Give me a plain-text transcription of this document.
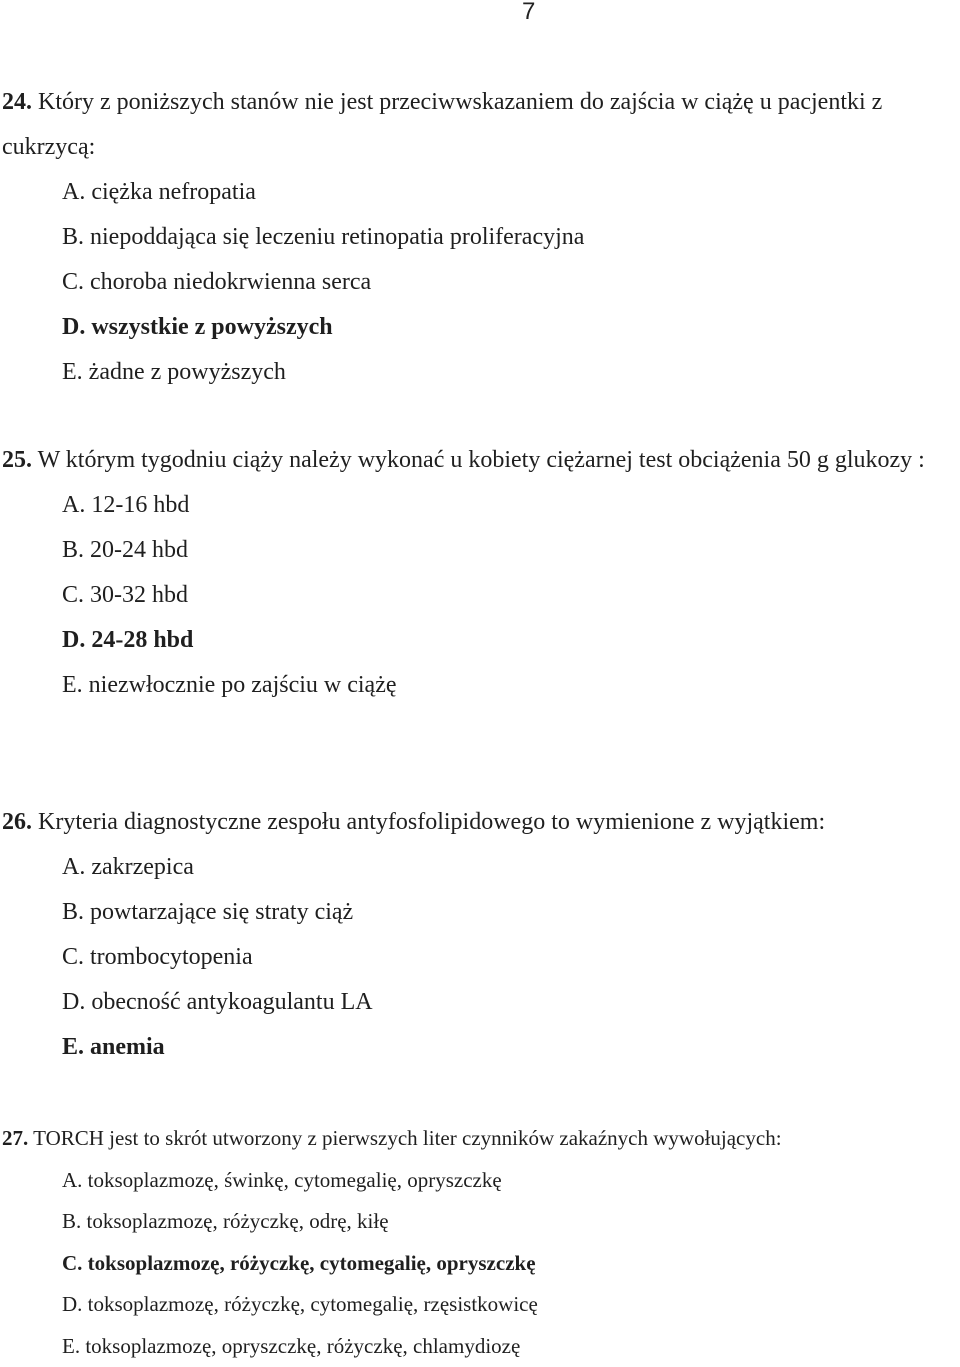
7

24. Który z poniższych stanów nie jest przeciwwskazaniem do zajścia w ciążę u pacjentki z cukrzycą:

A. ciężka nefropatia

B. niepoddająca się leczeniu retinopatia proliferacyjna

C. choroba niedokrwienna serca

D. wszystkie z powyższych

E. żadne z powyższych

25. W którym tygodniu ciąży należy wykonać u kobiety ciężarnej test obciążenia 50 g glukozy :

A. 12-16 hbd

B. 20-24 hbd

C. 30-32 hbd

D. 24-28 hbd

E. niezwłocznie po zajściu w ciążę

26. Kryteria diagnostyczne zespołu antyfosfolipidowego to wymienione z wyjątkiem:

A. zakrzepica

B. powtarzające się straty ciąż

C. trombocytopenia

D. obecność antykoagulantu LA

E. anemia

27. TORCH jest to skrót utworzony z pierwszych liter czynników zakaźnych wywołujących:

A. toksoplazmozę, świnkę, cytomegalię, opryszczkę

B. toksoplazmozę, różyczkę, odrę, kiłę

C. toksoplazmozę, różyczkę, cytomegalię, opryszczkę

D. toksoplazmozę, różyczkę, cytomegalię, rzęsistkowicę

E. toksoplazmozę, opryszczkę, różyczkę, chlamydiozę
